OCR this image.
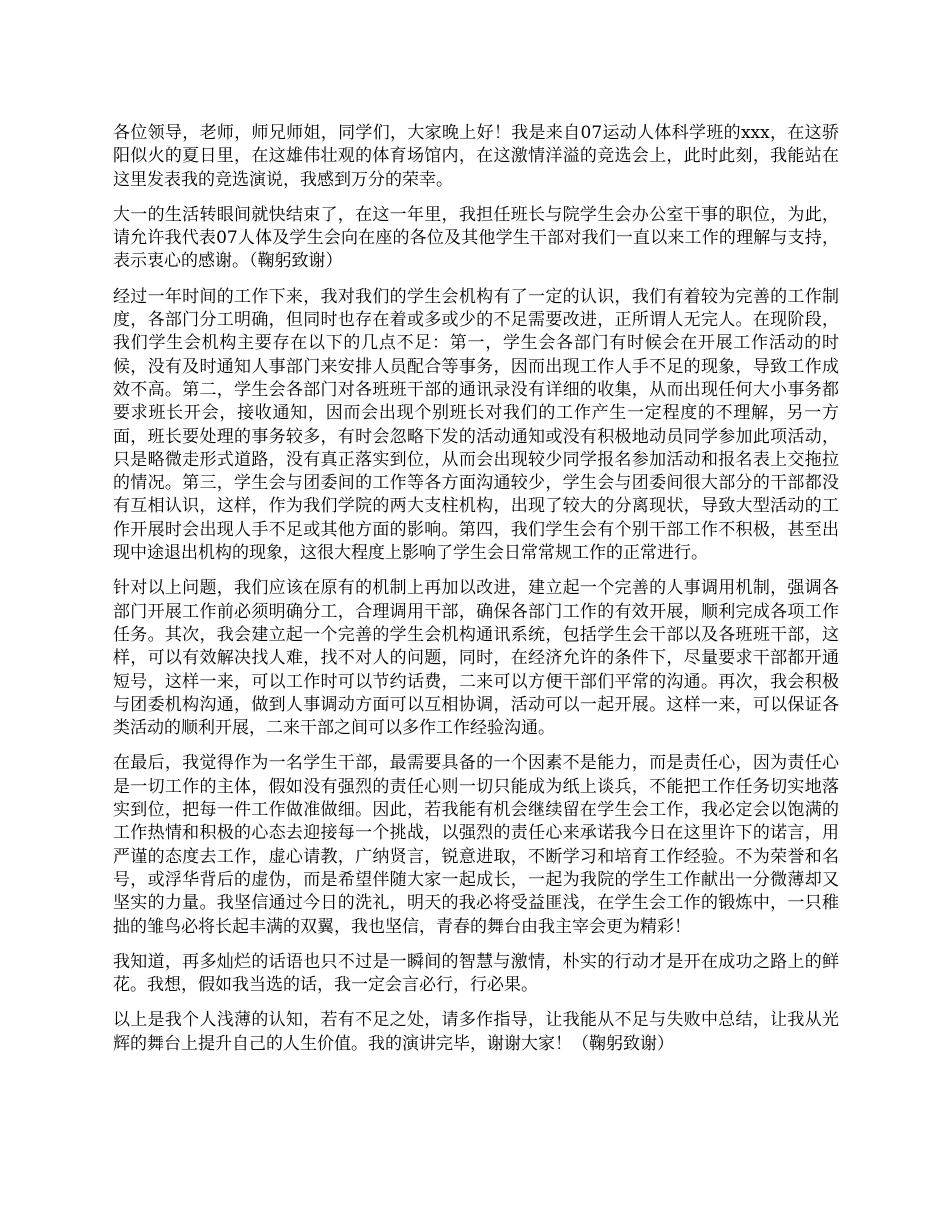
各位领导，老师，师兄师姐，同学们，大家晚上好！我是来自07运动人体科学班的xxx，在这骄阳似火的夏日里，在这雄伟壮观的体育场馆内，在这激情洋溢的竞选会上，此时此刻，我能站在这里发表我的竞选演说，我感到万分的荣幸。

大一的生活转眼间就快结束了，在这一年里，我担任班长与院学生会办公室干事的职位，为此，请允许我代表07人体及学生会向在座的各位及其他学生干部对我们一直以来工作的理解与支持，表示衷心的感谢。（鞠躬致谢）

经过一年时间的工作下来，我对我们的学生会机构有了一定的认识，我们有着较为完善的工作制度，各部门分工明确，但同时也存在着或多或少的不足需要改进，正所谓人无完人。在现阶段，我们学生会机构主要存在以下的几点不足：第一，学生会各部门有时候会在开展工作活动的时候，没有及时通知人事部门来安排人员配合等事务，因而出现工作人手不足的现象，导致工作成效不高。第二，学生会各部门对各班班干部的通讯录没有详细的收集，从而出现任何大小事务都要求班长开会，接收通知，因而会出现个别班长对我们的工作产生一定程度的不理解，另一方面，班长要处理的事务较多，有时会忽略下发的活动通知或没有积极地动员同学参加此项活动，只是略微走形式道路，没有真正落实到位，从而会出现较少同学报名参加活动和报名表上交拖拉的情况。第三，学生会与团委间的工作等各方面沟通较少，学生会与团委间很大部分的干部都没有互相认识，这样，作为我们学院的两大支柱机构，出现了较大的分离现状，导致大型活动的工作开展时会出现人手不足或其他方面的影响。第四，我们学生会有个别干部工作不积极，甚至出现中途退出机构的现象，这很大程度上影响了学生会日常常规工作的正常进行。

针对以上问题，我们应该在原有的机制上再加以改进，建立起一个完善的人事调用机制，强调各部门开展工作前必须明确分工，合理调用干部，确保各部门工作的有效开展，顺利完成各项工作任务。其次，我会建立起一个完善的学生会机构通讯系统，包括学生会干部以及各班班干部，这样，可以有效解决找人难，找不对人的问题，同时，在经济允许的条件下，尽量要求干部都开通短号，这样一来，可以工作时可以节约话费，二来可以方便干部们平常的沟通。再次，我会积极与团委机构沟通，做到人事调动方面可以互相协调，活动可以一起开展。这样一来，可以保证各类活动的顺利开展，二来干部之间可以多作工作经验沟通。

在最后，我觉得作为一名学生干部，最需要具备的一个因素不是能力，而是责任心，因为责任心是一切工作的主体，假如没有强烈的责任心则一切只能成为纸上谈兵，不能把工作任务切实地落实到位，把每一件工作做准做细。因此，若我能有机会继续留在学生会工作，我必定会以饱满的工作热情和积极的心态去迎接每一个挑战，以强烈的责任心来承诺我今日在这里许下的诺言，用严谨的态度去工作，虚心请教，广纳贤言，锐意进取，不断学习和培育工作经验。不为荣誉和名号，或浮华背后的虚伪，而是希望伴随大家一起成长，一起为我院的学生工作献出一分微薄却又坚实的力量。我坚信通过今日的洗礼，明天的我必将受益匪浅，在学生会工作的锻炼中，一只稚拙的雏鸟必将长起丰满的双翼，我也坚信，青春的舞台由我主宰会更为精彩！

我知道，再多灿烂的话语也只不过是一瞬间的智慧与激情，朴实的行动才是开在成功之路上的鲜花。我想，假如我当选的话，我一定会言必行，行必果。

以上是我个人浅薄的认知，若有不足之处，请多作指导，让我能从不足与失败中总结，让我从光辉的舞台上提升自己的人生价值。我的演讲完毕，谢谢大家！（鞠躬致谢）
